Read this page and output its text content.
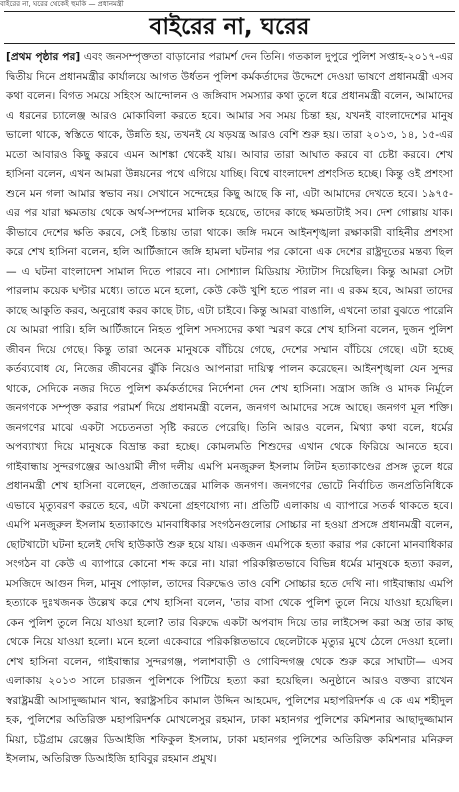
বাইরের না, ঘরের থেকেই হুমকি — প্রধানমন্ত্রী
বাইরের না, ঘরের

[প্রথম পৃষ্ঠার পর] এবং জনসম্পৃক্ততা বাড়ানোর পরামর্শ দেন তিনি। গতকাল দুপুরে পুলিশ সপ্তাহ-২০১৭-এর দ্বিতীয় দিনে প্রধানমন্ত্রীর কার্যালয়ে আগত উর্ধতন পুলিশ কর্মকর্তাদের উদ্দেশে দেওয়া ভাষণে প্রধানমন্ত্রী এসব কথা বলেন। বিগত সময়ে সহিংস আন্দোলন ও জঙ্গিবাদ সমস্যার কথা তুলে ধরে প্রধানমন্ত্রী বলেন, আমাদের এ ধরনের চ্যালেঞ্জ আরও মোকাবিলা করতে হবে। আমার সব সময় চিন্তা হয়, যখনই বাংলাদেশের মানুষ ভালো থাকে, স্বস্তিতে থাকে, উন্নতি হয়, তখনই যে ষড়যন্ত্র আরও বেশি শুরু হয়। তারা ২০১৩, ১৪, ১৫-এর মতো আবারও কিছু করবে এমন আশঙ্কা থেকেই যায়। আবার তারা আঘাত করবে বা চেষ্টা করবে। শেখ হাসিনা বলেন, এখন আমরা উন্নয়নের পথে এগিয়ে যাচ্ছি। বিশ্বে বাংলাদেশ প্রশংসিত হচ্ছে। কিন্তু ওই প্রশংসা শুনে মন গলা আমার স্বভাব নয়। সেখানে সন্দেহের কিছু আছে কি না, এটা আমাদের দেখতে হবে। ১৯৭৫-এর পর যারা ক্ষমতায় থেকে অর্থ-সম্পদের মালিক হয়েছে, তাদের কাছে ক্ষমতাটাই সব। দেশ গোল্লায় যাক। কীভাবে দেশের ক্ষতি করবে, সেই চিন্তায় তারা থাকে। জঙ্গি দমনে আইনশৃঙ্খলা রক্ষাকারী বাহিনীর প্রশংসা করে শেখ হাসিনা বলেন, হলি আর্টিজানে জঙ্গি হামলা ঘটনার পর কোনো এক দেশের রাষ্ট্রদূতের মন্তব্য ছিল— এ ঘটনা বাংলাদেশ সামাল দিতে পারবে না। সোশ্যাল মিডিয়ায় স্ট্যাটাস দিয়েছিল। কিন্তু আমরা সেটা পারলাম কয়েক ঘণ্টার মধ্যে। তাতে মনে হলো, কেউ কেউ খুশি হতে পারল না। এ রকম হবে, আমরা তাদের কাছে আকুতি করব, অনুরোধ করব কাছে টাচ, এটা চাইবে। কিন্তু আমরা বাঙালি, এখনো তারা বুঝতে পারেনি যে আমরা পারি। হলি আর্টিজানে নিহত পুলিশ সদস্যদের কথা স্মরণ করে শেখ হাসিনা বলেন, দুজন পুলিশ জীবন দিয়ে গেছে। কিন্তু তারা অনেক মানুষকে বাঁচিয়ে গেছে, দেশের সম্মান বাঁচিয়ে গেছে। এটা হচ্ছে কর্তব্যবোধ যে, নিজের জীবনের ঝুঁকি নিয়েও আপনারা দায়িত্ব পালন করেছেন। আইনশৃঙ্খলা যেন সুন্দর থাকে, সেদিকে নজর দিতে পুলিশ কর্মকর্তাদের নির্দেশনা দেন শেখ হাসিনা। সন্ত্রাস জঙ্গি ও মাদক নির্মূলে জনগণকে সম্পৃক্ত করার পরামর্শ দিয়ে প্রধানমন্ত্রী বলেন, জনগণ আমাদের সঙ্গে আছে। জনগণ মূল শক্তি। জনগণের মাঝে একটা সচেতনতা সৃষ্টি করতে পেরেছি। তিনি আরও বলেন, মিথ্যা কথা বলে, ধর্মের অপব্যাখ্যা দিয়ে মানুষকে বিভ্রান্ত করা হচ্ছে। কোমলমতি শিশুদের এখান থেকে ফিরিয়ে আনতে হবে। গাইবান্ধায় সুন্দরগঞ্জের আওয়ামী লীগ দলীয় এমপি মনজুরুল ইসলাম লিটন হত্যাকাণ্ডের প্রসঙ্গ তুলে ধরে প্রধানমন্ত্রী শেখ হাসিনা বলেছেন, প্রজাতন্ত্রের মালিক জনগণ। জনগণের ভোটে নির্বাচিত জনপ্রতিনিধিকে এভাবে মৃত্যুবরণ করতে হবে, এটা কখনো গ্রহণযোগ্য না। প্রতিটি এলাকায় এ ব্যাপারে সতর্ক থাকতে হবে। এমপি মনজুরুল ইসলাম হত্যাকাণ্ডে মানবাধিকার সংগঠনগুলোর সোচ্চার না হওয়া প্রসঙ্গে প্রধানমন্ত্রী বলেন, ছোটখাটো ঘটনা হলেই দেখি হাউকাউ শুরু হয়ে যায়। একজন এমপিকে হত্যা করার পর কোনো মানবাধিকার সংগঠন বা কেউ এ ব্যাপারে কোনো শব্দ করে না। যারা পরিকল্পিতভাবে বিভিন্ন ধর্মের মানুষকে হত্যা করল, মসজিদে আগুন দিল, মানুষ পোড়াল, তাদের বিরুদ্ধেও তাও বেশি সোচ্চার হতে দেখি না। গাইবান্ধায় এমপি হত্যাকে দুঃখজনক উল্লেখ করে শেখ হাসিনা বলেন, 'তার বাসা থেকে পুলিশ তুলে নিয়ে যাওয়া হয়েছিল। কেন পুলিশ তুলে নিয়ে যাওয়া হলো? তার বিরুদ্ধে একটা অপবাদ দিয়ে তার লাইসেন্স করা অস্ত্র তার কাছ থেকে নিয়ে যাওয়া হলো। মনে হলো একেবারে পরিকল্পিতভাবে ছেলেটাকে মৃত্যুর মুখে ঠেলে দেওয়া হলো। শেখ হাসিনা বলেন, গাইবান্ধার সুন্দরগঞ্জ, পলাশবাড়ী ও গোবিন্দগঞ্জ থেকে শুরু করে সাঘাটা— এসব এলাকায় ২০১৩ সালে চারজন পুলিশকে পিটিয়ে হত্যা করা হয়েছিল। অনুষ্ঠানে আরও বক্তব্য রাখেন স্বরাষ্ট্রমন্ত্রী আসাদুজ্জামান খান, স্বরাষ্ট্রসচিব কামাল উদ্দিন আহমেদ, পুলিশের মহাপরিদর্শক এ কে এম শহীদুল হক, পুলিশের অতিরিক্ত মহাপরিদর্শক মোখলেসুর রহমান, ঢাকা মহানগর পুলিশের কমিশনার আছাদুজ্জামান মিয়া, চট্টগ্রাম রেঞ্জের ডিআইজি শফিকুল ইসলাম, ঢাকা মহানগর পুলিশের অতিরিক্ত কমিশনার মনিরুল ইসলাম, অতিরিক্ত ডিআইজি হাবিবুর রহমান প্রমুখ।
